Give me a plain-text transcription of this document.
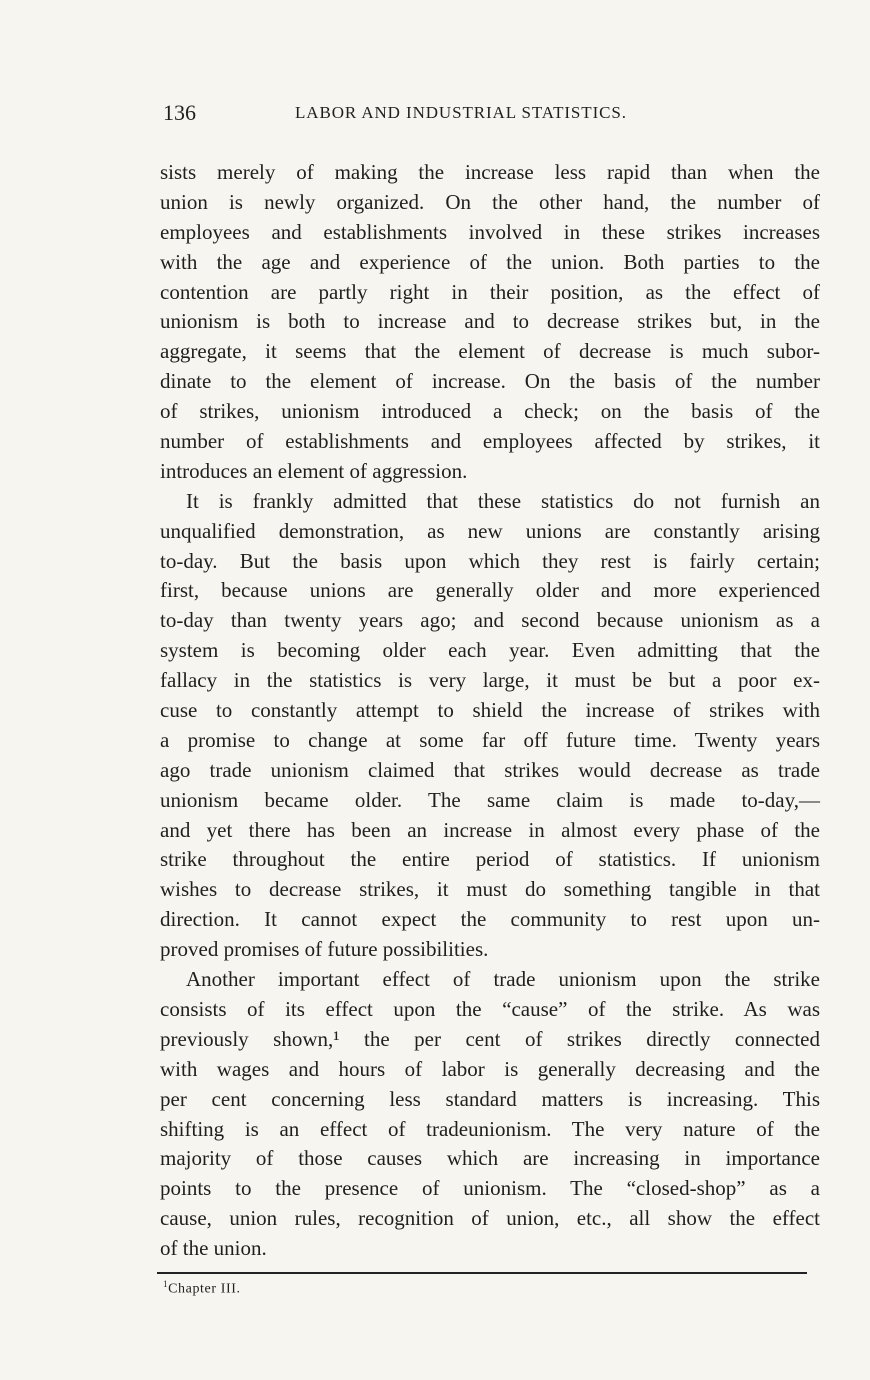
136	LABOR AND INDUSTRIAL STATISTICS.
sists merely of making the increase less rapid than when the
union is newly organized. On the other hand, the number of
employees and establishments involved in these strikes increases
with the age and experience of the union. Both parties to the
contention are partly right in their position, as the effect of
unionism is both to increase and to decrease strikes but, in the
aggregate, it seems that the element of decrease is much subor-
dinate to the element of increase. On the basis of the number
of strikes, unionism introduced a check; on the basis of the
number of establishments and employees affected by strikes, it
introduces an element of aggression.
It is frankly admitted that these statistics do not furnish an
unqualified demonstration, as new unions are constantly arising
to-day. But the basis upon which they rest is fairly certain;
first, because unions are generally older and more experienced
to-day than twenty years ago; and second because unionism as a
system is becoming older each year. Even admitting that the
fallacy in the statistics is very large, it must be but a poor ex-
cuse to constantly attempt to shield the increase of strikes with
a promise to change at some far off future time. Twenty years
ago trade unionism claimed that strikes would decrease as trade
unionism became older. The same claim is made to-day,—
and yet there has been an increase in almost every phase of the
strike throughout the entire period of statistics. If unionism
wishes to decrease strikes, it must do something tangible in that
direction. It cannot expect the community to rest upon un-
proved promises of future possibilities.
Another important effect of trade unionism upon the strike
consists of its effect upon the “cause” of the strike. As was
previously shown,¹ the per cent of strikes directly connected
with wages and hours of labor is generally decreasing and the
per cent concerning less standard matters is increasing. This
shifting is an effect of tradeunionism. The very nature of the
majority of those causes which are increasing in importance
points to the presence of unionism. The “closed-shop” as a
cause, union rules, recognition of union, etc., all show the effect
of the union.
$^1$Chapter III.
